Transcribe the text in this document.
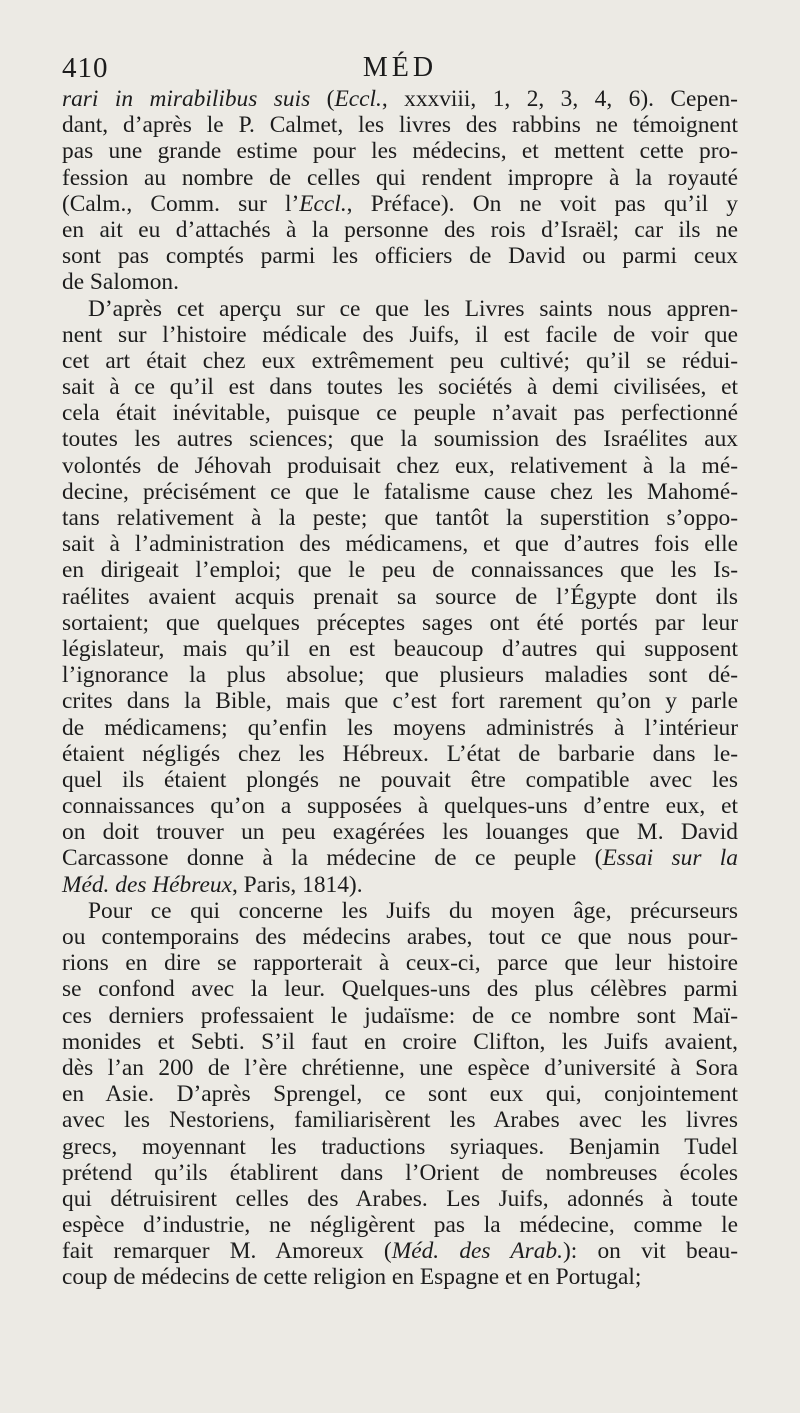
410	MÉD
rari in mirabilibus suis (Eccl., xxxviii, 1, 2, 3, 4, 6). Cepen-
dant, d’après le P. Calmet, les livres des rabbins ne témoignent
pas une grande estime pour les médecins, et mettent cette pro-
fession au nombre de celles qui rendent impropre à la royauté
(Calm., Comm. sur l’Eccl., Préface). On ne voit pas qu’il y
en ait eu d’attachés à la personne des rois d’Israël; car ils ne
sont pas comptés parmi les officiers de David ou parmi ceux
de Salomon.
D’après cet aperçu sur ce que les Livres saints nous appren-
nent sur l’histoire médicale des Juifs, il est facile de voir que
cet art était chez eux extrêmement peu cultivé; qu’il se rédui-
sait à ce qu’il est dans toutes les sociétés à demi civilisées, et
cela était inévitable, puisque ce peuple n’avait pas perfectionné
toutes les autres sciences; que la soumission des Israélites aux
volontés de Jéhovah produisait chez eux, relativement à la mé-
decine, précisément ce que le fatalisme cause chez les Mahomé-
tans relativement à la peste; que tantôt la superstition s’oppo-
sait à l’administration des médicamens, et que d’autres fois elle
en dirigeait l’emploi; que le peu de connaissances que les Is-
raélites avaient acquis prenait sa source de l’Égypte dont ils
sortaient; que quelques préceptes sages ont été portés par leur
législateur, mais qu’il en est beaucoup d’autres qui supposent
l’ignorance la plus absolue; que plusieurs maladies sont dé-
crites dans la Bible, mais que c’est fort rarement qu’on y parle
de médicamens; qu’enfin les moyens administrés à l’intérieur
étaient négligés chez les Hébreux. L’état de barbarie dans le-
quel ils étaient plongés ne pouvait être compatible avec les
connaissances qu’on a supposées à quelques-uns d’entre eux, et
on doit trouver un peu exagérées les louanges que M. David
Carcassone donne à la médecine de ce peuple (Essai sur la
Méd. des Hébreux, Paris, 1814).
Pour ce qui concerne les Juifs du moyen âge, précurseurs
ou contemporains des médecins arabes, tout ce que nous pour-
rions en dire se rapporterait à ceux-ci, parce que leur histoire
se confond avec la leur. Quelques-uns des plus célèbres parmi
ces derniers professaient le judaïsme: de ce nombre sont Maï-
monides et Sebti. S’il faut en croire Clifton, les Juifs avaient,
dès l’an 200 de l’ère chrétienne, une espèce d’université à Sora
en Asie. D’après Sprengel, ce sont eux qui, conjointement
avec les Nestoriens, familiarisèrent les Arabes avec les livres
grecs, moyennant les traductions syriaques. Benjamin Tudel
prétend qu’ils établirent dans l’Orient de nombreuses écoles
qui détruisirent celles des Arabes. Les Juifs, adonnés à toute
espèce d’industrie, ne négligèrent pas la médecine, comme le
fait remarquer M. Amoreux (Méd. des Arab.): on vit beau-
coup de médecins de cette religion en Espagne et en Portugal;
